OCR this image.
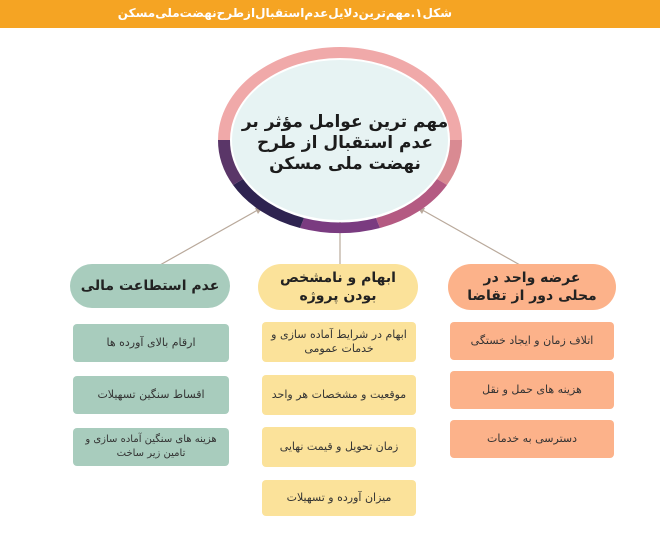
شکل۱.مهم‌ترین‌دلایل‌عدم‌استقبال‌از‌طرح‌نهضت‌ملی‌مسکن
مهم ترین عوامل مؤثر بر عدم استقبال از طرح نهضت ملی مسکن
عدم استطاعت مالی
ارقام بالای آورده ها
اقساط سنگین تسهیلات
هزینه های سنگین آماده سازی و تامین زیر ساخت
ابهام و نامشخص بودن پروژه
ابهام در شرایط آماده سازی و خدمات عمومی
موقعیت و مشخصات هر واحد
زمان تحویل و قیمت نهایی
میزان آورده و تسهیلات
عرضه واحد در محلی دور از تقاضا
اتلاف زمان و ایجاد خستگی
هزینه های حمل و نقل
دسترسی به خدمات
